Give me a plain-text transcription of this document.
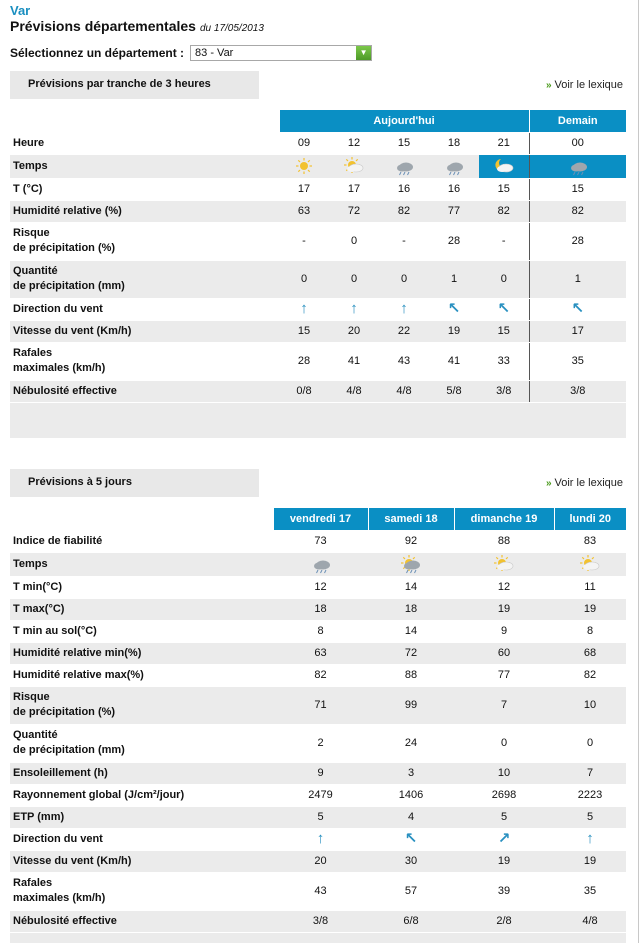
Var
Prévisions départementales du 17/05/2013
Sélectionnez un département :	83 - Var	▼
Prévisions par tranche de 3 heures	» Voir le lexique
	Aujourd'hui					Demain
Heure	09	12	15	18	21	00
Temps						
T (°C)	17	17	16	16	15	15
Humidité relative (%)	63	72	82	77	82	82
Risque
de précipitation (%)	-	0	-	28	-	28
Quantité
de précipitation (mm)	0	0	0	1	0	1
Direction du vent	↑	↑	↑	↖	↖	↖
Vitesse du vent (Km/h)	15	20	22	19	15	17
Rafales
maximales (km/h)	28	41	43	41	33	35
Nébulosité effective	0/8	4/8	4/8	5/8	3/8	3/8
Prévisions à 5 jours	» Voir le lexique
	vendredi 17	samedi 18	dimanche 19	lundi 20
Indice de fiabilité	73	92	88	83
Temps				
T min(°C)	12	14	12	11
T max(°C)	18	18	19	19
T min au sol(°C)	8	14	9	8
Humidité relative min(%)	63	72	60	68
Humidité relative max(%)	82	88	77	82
Risque
de précipitation (%)	71	99	7	10
Quantité
de précipitation (mm)	2	24	0	0
Ensoleillement (h)	9	3	10	7
Rayonnement global (J/cm²/jour)	2479	1406	2698	2223
ETP (mm)	5	4	5	5
Direction du vent	↑	↖	↗	↑
Vitesse du vent (Km/h)	20	30	19	19
Rafales
maximales (km/h)	43	57	39	35
Nébulosité effective	3/8	6/8	2/8	4/8
